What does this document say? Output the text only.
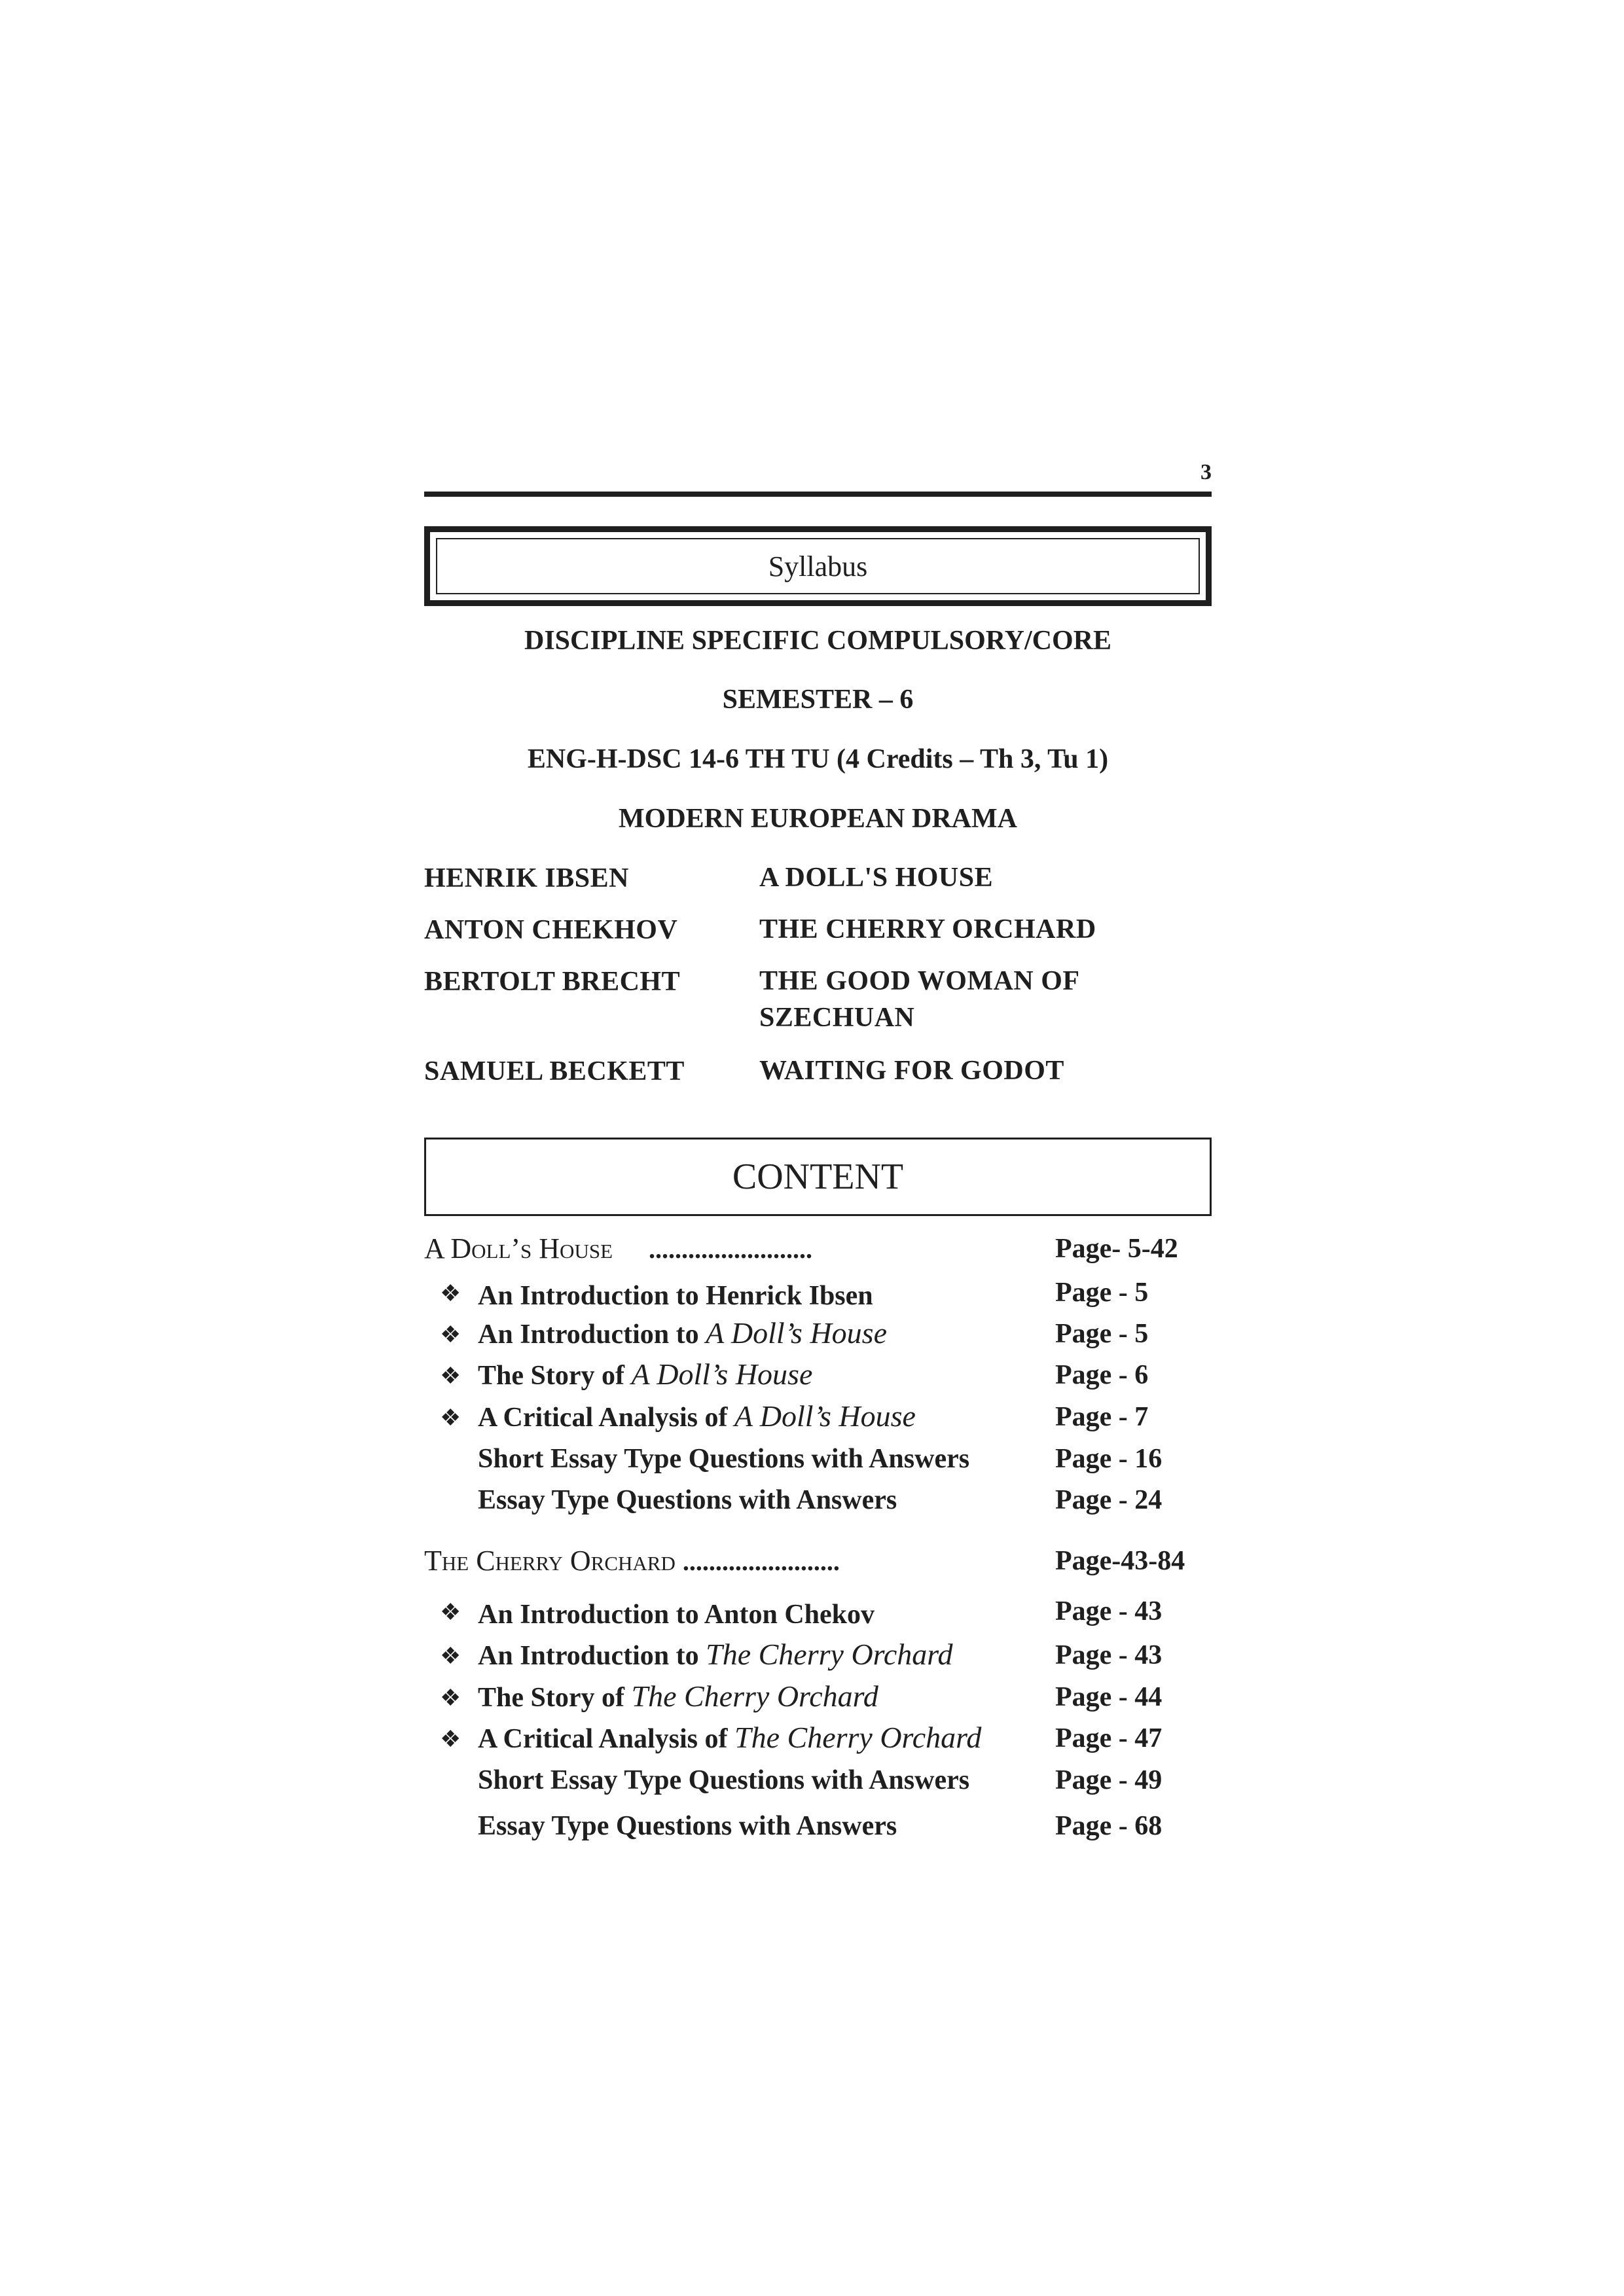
3
Syllabus
DISCIPLINE SPECIFIC COMPULSORY/CORE
SEMESTER – 6
ENG-H-DSC 14-6 TH TU (4 Credits – Th 3, Tu 1)
MODERN EUROPEAN DRAMA
HENRIK IBSEN	A DOLL'S HOUSE
ANTON CHEKHOV	THE CHERRY ORCHARD
BERTOLT BRECHT	THE GOOD WOMAN OF SZECHUAN
SAMUEL BECKETT	WAITING FOR GODOT
CONTENT
A Doll’s House .........................	Page- 5-42
❖ An Introduction to Henrick Ibsen	Page - 5
❖ An Introduction to A Doll’s House	Page - 5
❖ The Story of A Doll’s House	Page - 6
❖ A Critical Analysis of A Doll’s House	Page - 7
Short Essay Type Questions with Answers	Page - 16
Essay Type Questions with Answers	Page - 24
The Cherry Orchard ........................	Page-43-84
❖ An Introduction to Anton Chekov	Page - 43
❖ An Introduction to The Cherry Orchard	Page - 43
❖ The Story of The Cherry Orchard	Page - 44
❖ A Critical Analysis of The Cherry Orchard	Page - 47
Short Essay Type Questions with Answers	Page - 49
Essay Type Questions with Answers	Page - 68
